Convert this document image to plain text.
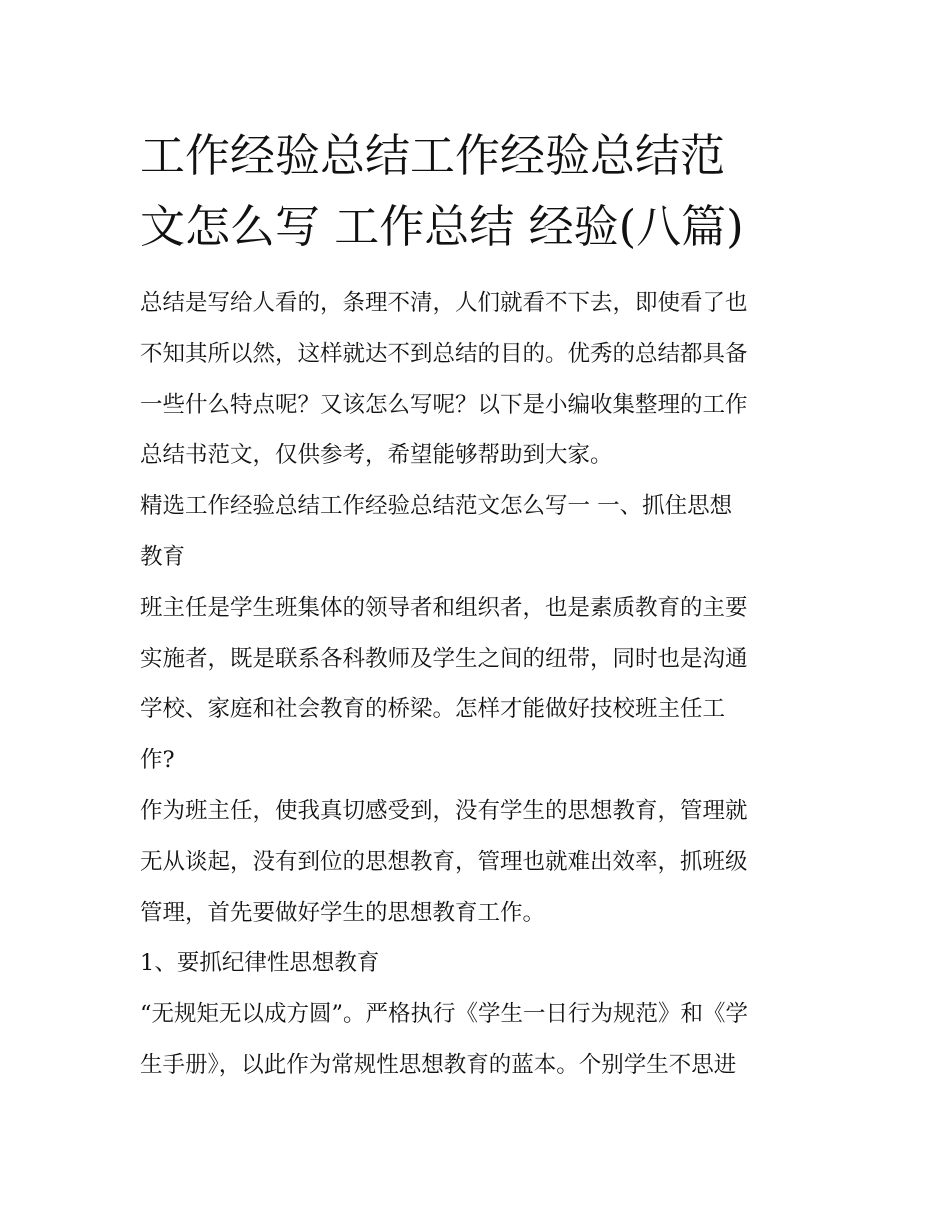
工作经验总结工作经验总结范
文怎么写 工作总结 经验(八篇)
总结是写给人看的，条理不清，人们就看不下去，即使看了也
不知其所以然，这样就达不到总结的目的。优秀的总结都具备
一些什么特点呢？又该怎么写呢？以下是小编收集整理的工作
总结书范文，仅供参考，希望能够帮助到大家。
精选工作经验总结工作经验总结范文怎么写一 一、抓住思想
教育
班主任是学生班集体的领导者和组织者，也是素质教育的主要
实施者，既是联系各科教师及学生之间的纽带，同时也是沟通
学校、家庭和社会教育的桥梁。怎样才能做好技校班主任工
作?
作为班主任，使我真切感受到，没有学生的思想教育，管理就
无从谈起，没有到位的思想教育，管理也就难出效率，抓班级
管理，首先要做好学生的思想教育工作。
1、要抓纪律性思想教育
“无规矩无以成方圆”。严格执行《学生一日行为规范》和《学
生手册》，以此作为常规性思想教育的蓝本。个别学生不思进
